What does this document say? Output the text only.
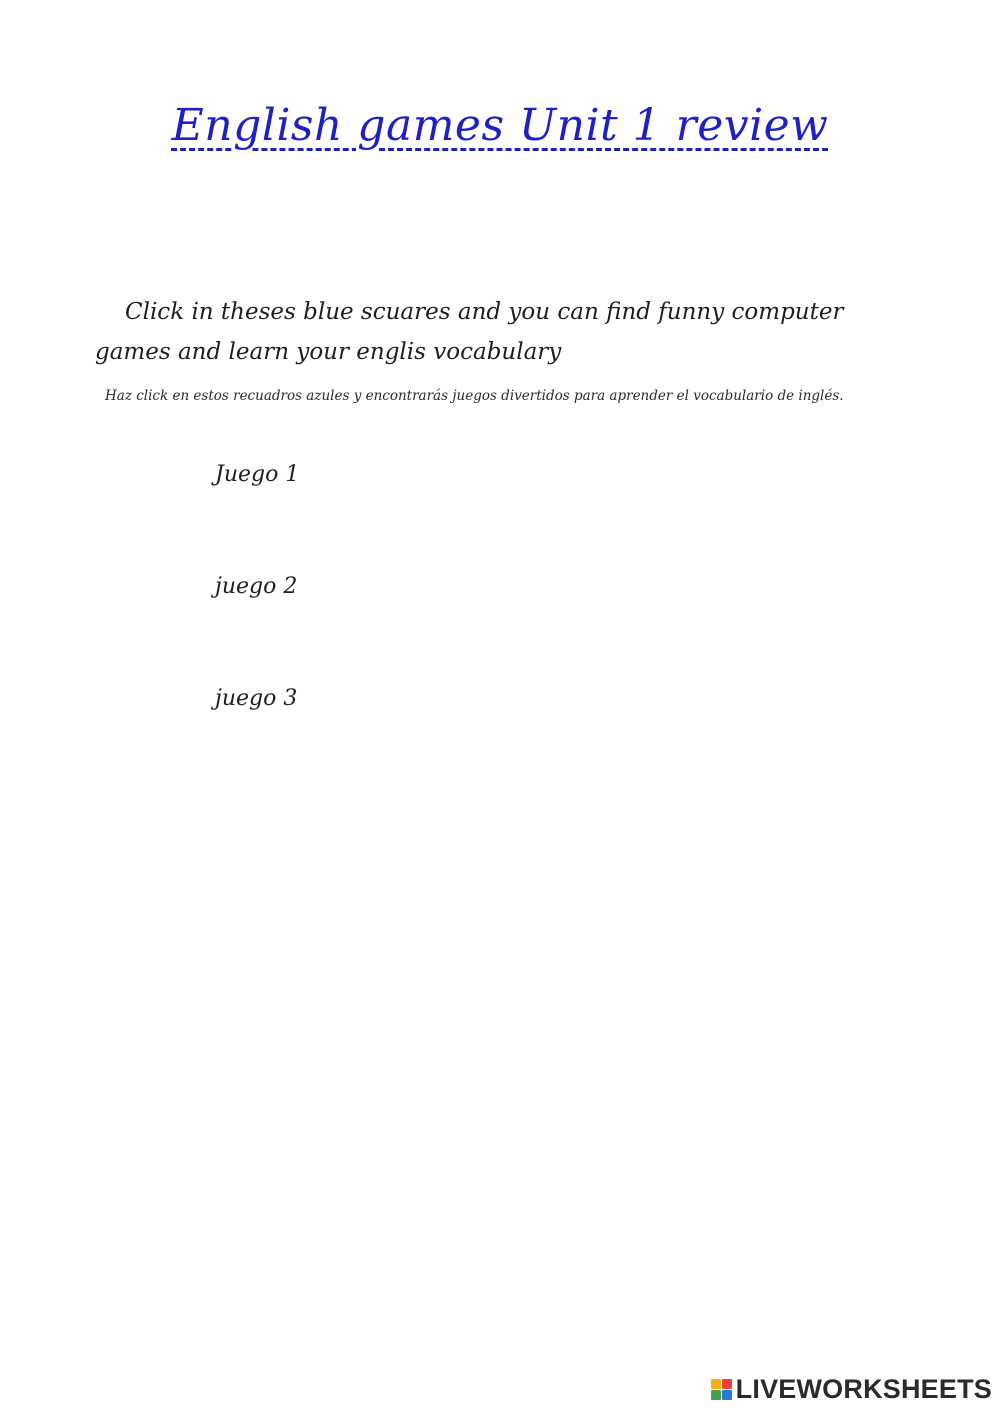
English games Unit 1 review

Click in theses blue scuares and you can find funny computer games and learn your englis vocabulary

Haz click en estos recuadros azules y encontrarás juegos divertidos para aprender el vocabulario de inglés.

Juego 1
juego 2
juego 3
LIVEWORKSHEETS
